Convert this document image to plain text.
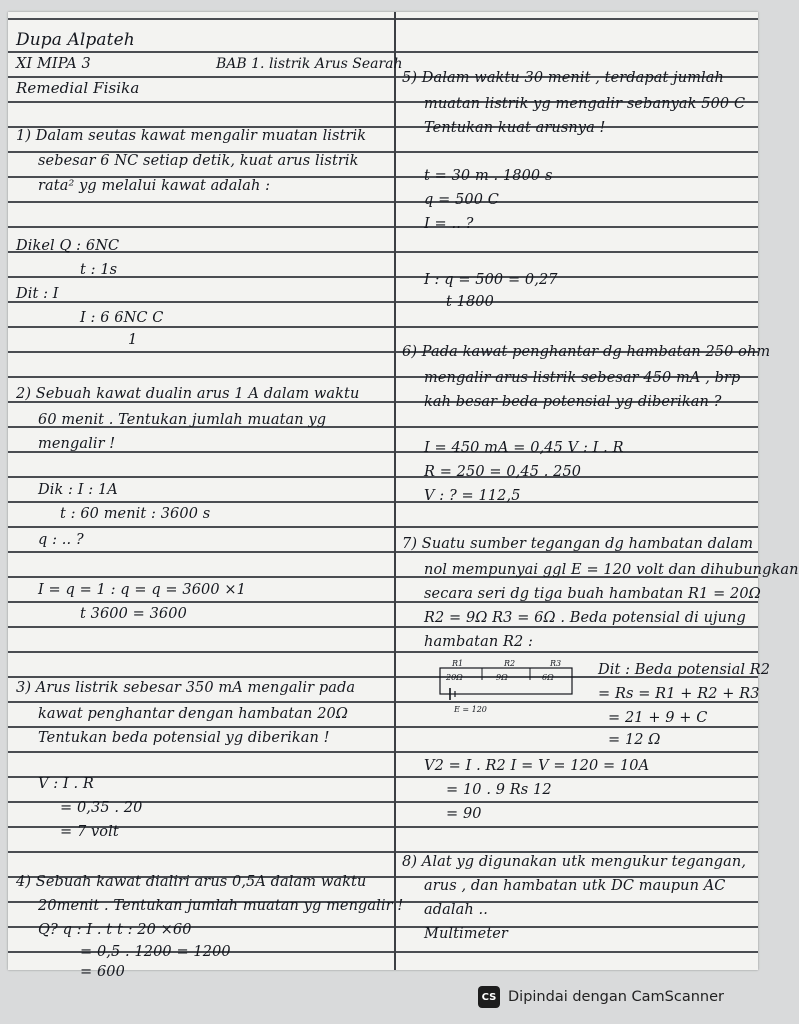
Dupa Alpateh
XI MIPA 3	BAB 1. listrik Arus Searah
Remedial Fisika
1) Dalam seutas kawat mengalir muatan listrik
sebesar 6 NC setiap detik, kuat arus listrik
rata² yg melalui kawat adalah :
Dikel Q : 6NC
t : 1s
Dit : I
I : 6 6NC C
1
2) Sebuah kawat dualin arus 1 A dalam waktu
60 menit . Tentukan jumlah muatan yg
mengalir !
Dik : I : 1A
t : 60 menit : 3600 s
q : .. ?
I = q = 1 : q = q = 3600 ×1
t 3600 = 3600
3) Arus listrik sebesar 350 mA mengalir pada
kawat penghantar dengan hambatan 20Ω
Tentukan beda potensial yg diberikan !
V : I . R
= 0,35 . 20
= 7 volt
4) Sebuah kawat dialiri arus 0,5A dalam waktu
20menit . Tentukan jumlah muatan yg mengalir !
Q? q : I . t t : 20 ×60
= 0,5 . 1200 = 1200
= 600
5) Dalam waktu 30 menit , terdapat jumlah
muatan listrik yg mengalir sebanyak 500 C
Tentukan kuat arusnya !
t = 30 m . 1800 s
q = 500 C
I = .. ?
I : q = 500 = 0,27
t 1800
6) Pada kawat penghantar dg hambatan 250 ohm
mengalir arus listrik sebesar 450 mA , brp
kah besar beda potensial yg diberikan ?
I = 450 mA = 0,45 V : I . R
R = 250 = 0,45 . 250
V : ? = 112,5
7) Suatu sumber tegangan dg hambatan dalam
nol mempunyai ggl E = 120 volt dan dihubungkan
secara seri dg tiga buah hambatan R1 = 20Ω
R2 = 9Ω R3 = 6Ω . Beda potensial di ujung
hambatan R2 :
R1	R2	R3
20Ω	9Ω	6Ω
E = 120
Dit : Beda potensial R2
= Rs = R1 + R2 + R3
= 21 + 9 + C
= 12 Ω
V2 = I . R2 I = V = 120 = 10A
= 10 . 9 Rs 12
= 90
8) Alat yg digunakan utk mengukur tegangan,
arus , dan hambatan utk DC maupun AC
adalah ..
Multimeter
CS Dipindai dengan CamScanner
